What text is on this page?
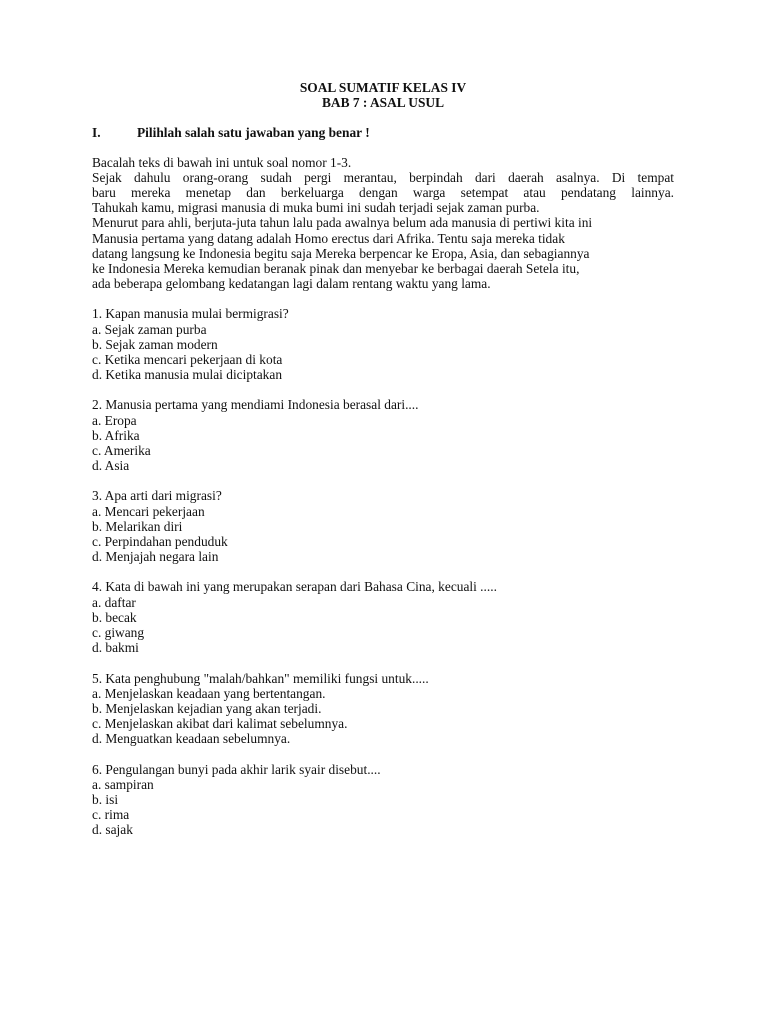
SOAL SUMATIF KELAS IV

BAB 7 : ASAL USUL

I.	Pilihlah salah satu jawaban yang benar !
Bacalah teks di bawah ini untuk soal nomor 1-3.

Sejak dahulu orang-orang sudah pergi merantau, berpindah dari daerah asalnya. Di tempat

baru mereka menetap dan berkeluarga dengan warga setempat atau pendatang lainnya.

Tahukah kamu, migrasi manusia di muka bumi ini sudah terjadi sejak zaman purba.

Menurut para ahli, berjuta-juta tahun lalu pada awalnya belum ada manusia di pertiwi kita ini

Manusia pertama yang datang adalah Homo erectus dari Afrika. Tentu saja mereka tidak

datang langsung ke Indonesia begitu saja Mereka berpencar ke Eropa, Asia, dan sebagiannya

ke Indonesia Mereka kemudian beranak pinak dan menyebar ke berbagai daerah Setela itu,

ada beberapa gelombang kedatangan lagi dalam rentang waktu yang lama.

1. Kapan manusia mulai bermigrasi?
a. Sejak zaman purba
b. Sejak zaman modern
c. Ketika mencari pekerjaan di kota
d. Ketika manusia mulai diciptakan
2. Manusia pertama yang mendiami Indonesia berasal dari....
a. Eropa
b. Afrika
c. Amerika
d. Asia
3. Apa arti dari migrasi?
a. Mencari pekerjaan
b. Melarikan diri
c. Perpindahan penduduk
d. Menjajah negara lain
4. Kata di bawah ini yang merupakan serapan dari Bahasa Cina, kecuali .....
a. daftar
b. becak
c. giwang
d. bakmi
5. Kata penghubung "malah/bahkan" memiliki fungsi untuk.....
a. Menjelaskan keadaan yang bertentangan.
b. Menjelaskan kejadian yang akan terjadi.
c. Menjelaskan akibat dari kalimat sebelumnya.
d. Menguatkan keadaan sebelumnya.
6. Pengulangan bunyi pada akhir larik syair disebut....
a. sampiran
b. isi
c. rima
d. sajak
